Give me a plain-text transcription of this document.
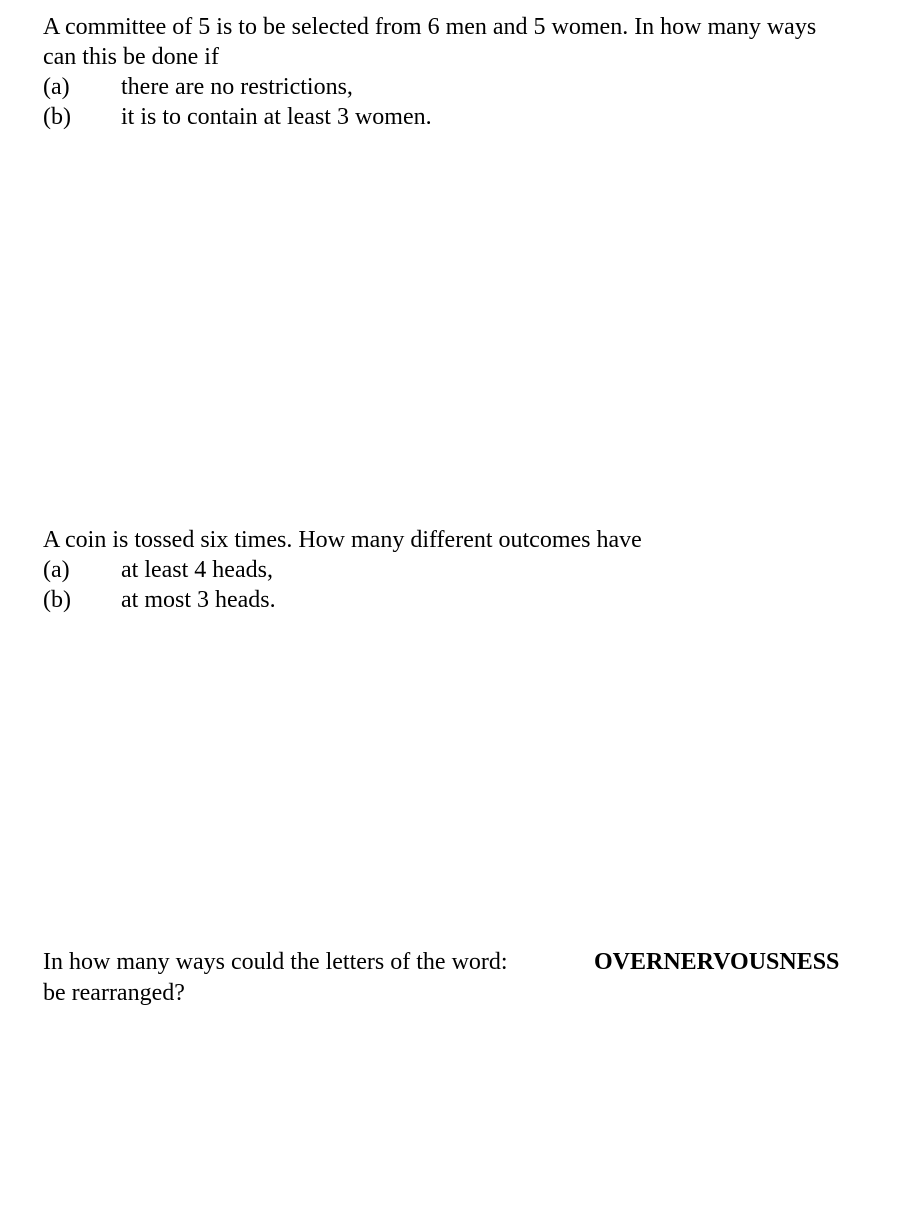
A committee of 5 is to be selected from 6 men and 5 women. In how many ways
can this be done if
(a) there are no restrictions,
(b) it is to contain at least 3 women.
A coin is tossed six times. How many different outcomes have
(a) at least 4 heads,
(b) at most 3 heads.
In how many ways could the letters of the word:	OVERNERVOUSNESS
be rearranged?
